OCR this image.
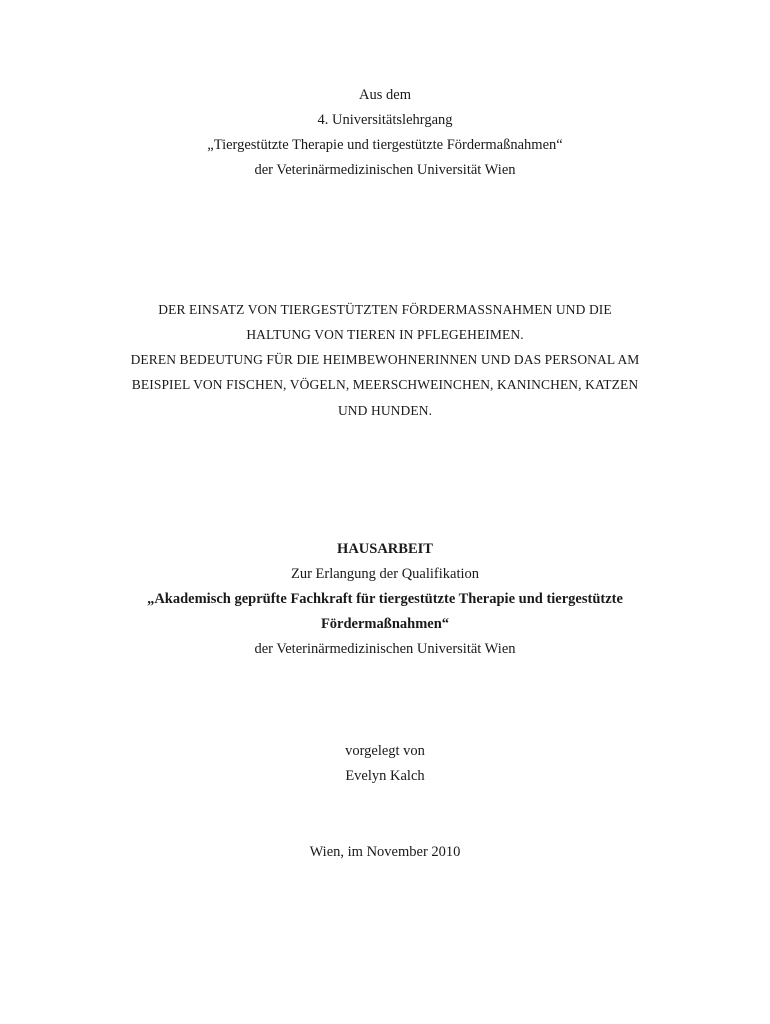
Aus dem
4. Universitätslehrgang
„Tiergestützte Therapie und tiergestützte Fördermaßnahmen“
der Veterinärmedizinischen Universität Wien
DER EINSATZ VON TIERGESTÜTZTEN FÖRDERMASSNAHMEN UND DIE
HALTUNG VON TIEREN IN PFLEGEHEIMEN.
DEREN BEDEUTUNG FÜR DIE HEIMBEWOHNERINNEN UND DAS PERSONAL AM
BEISPIEL VON FISCHEN, VÖGELN, MEERSCHWEINCHEN, KANINCHEN, KATZEN
UND HUNDEN.
HAUSARBEIT
Zur Erlangung der Qualifikation
„Akademisch geprüfte Fachkraft für tiergestützte Therapie und tiergestützte
Fördermaßnahmen“
der Veterinärmedizinischen Universität Wien
vorgelegt von
Evelyn Kalch
Wien, im November 2010
